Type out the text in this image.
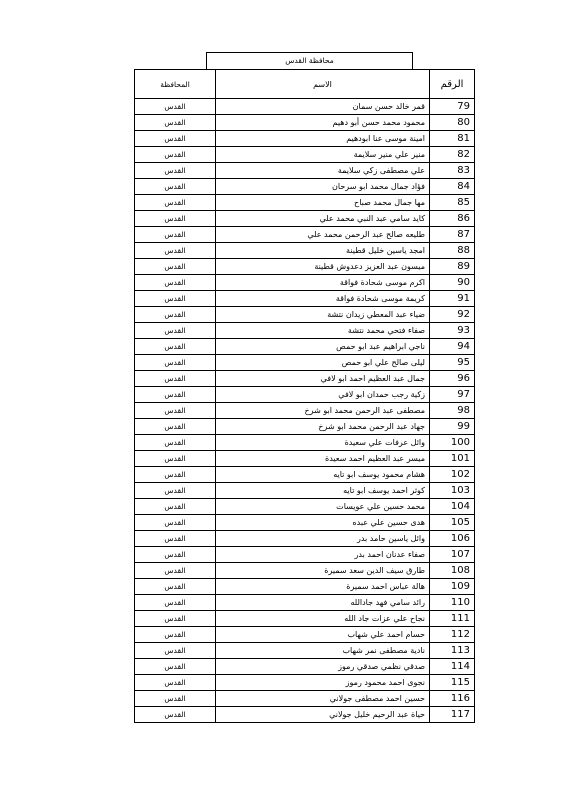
محافظة القدس
المحافظة	الاسم	الرقم
القدس	قمر خالد حسن سمان	79
القدس	محمود محمد حسن أبو دهيم	80
القدس	امينة موسى عنا ابودهيم	81
القدس	منير علي منير سلايمة	82
القدس	علي مصطفى زكي سلايمة	83
القدس	فؤاد جمال محمد ابو سرحان	84
القدس	مها جمال محمد صباح	85
القدس	كايد سامي عبد النبي محمد علي	86
القدس	طليعه صالح عبد الرحمن محمد علي	87
القدس	امجد ياسين خليل قطينة	88
القدس	ميسون عبد العزيز دعدوش قطينة	89
القدس	اكرم موسى شحادة فواقة	90
القدس	كريمة موسى شحادة فواقة	91
القدس	ضياء عبد المعطي زيدان نتشة	92
القدس	صفاء فتحي محمد نتشة	93
القدس	ناجي ابراهيم عبد ابو حمص	94
القدس	ليلى صالح علي ابو حمص	95
القدس	جمال عبد العظيم احمد ابو لافي	96
القدس	زكية رجب حمدان ابو لافي	97
القدس	مصطفى عبد الرحمن محمد ابو شرخ	98
القدس	جهاد عبد الرحمن محمد ابو شرخ	99
القدس	وائل عرفات علي سعيدة	100
القدس	ميسر عبد العظيم احمد سعيدة	101
القدس	هشام محمود يوسف ابو تايه	102
القدس	كوثر احمد يوسف ابو تايه	103
القدس	محمد حسين علي عويسات	104
القدس	هدى حسين علي عبده	105
القدس	وائل ياسين حامد بدر	106
القدس	صفاء عدنان احمد بدر	107
القدس	طارق سيف الدين سعد سميرة	108
القدس	هالة عباس احمد سميرة	109
القدس	رائد سامي فهد جادالله	110
القدس	نجاح علي عزات جاد الله	111
القدس	حسام احمد علي شهاب	112
القدس	نادية مصطفى نمر شهاب	113
القدس	صدقي نظمي صدقي رموز	114
القدس	نجوى احمد محمود رموز	115
القدس	حسين احمد مصطفى جولاني	116
القدس	حياة عبد الرحيم خليل جولاني	117
